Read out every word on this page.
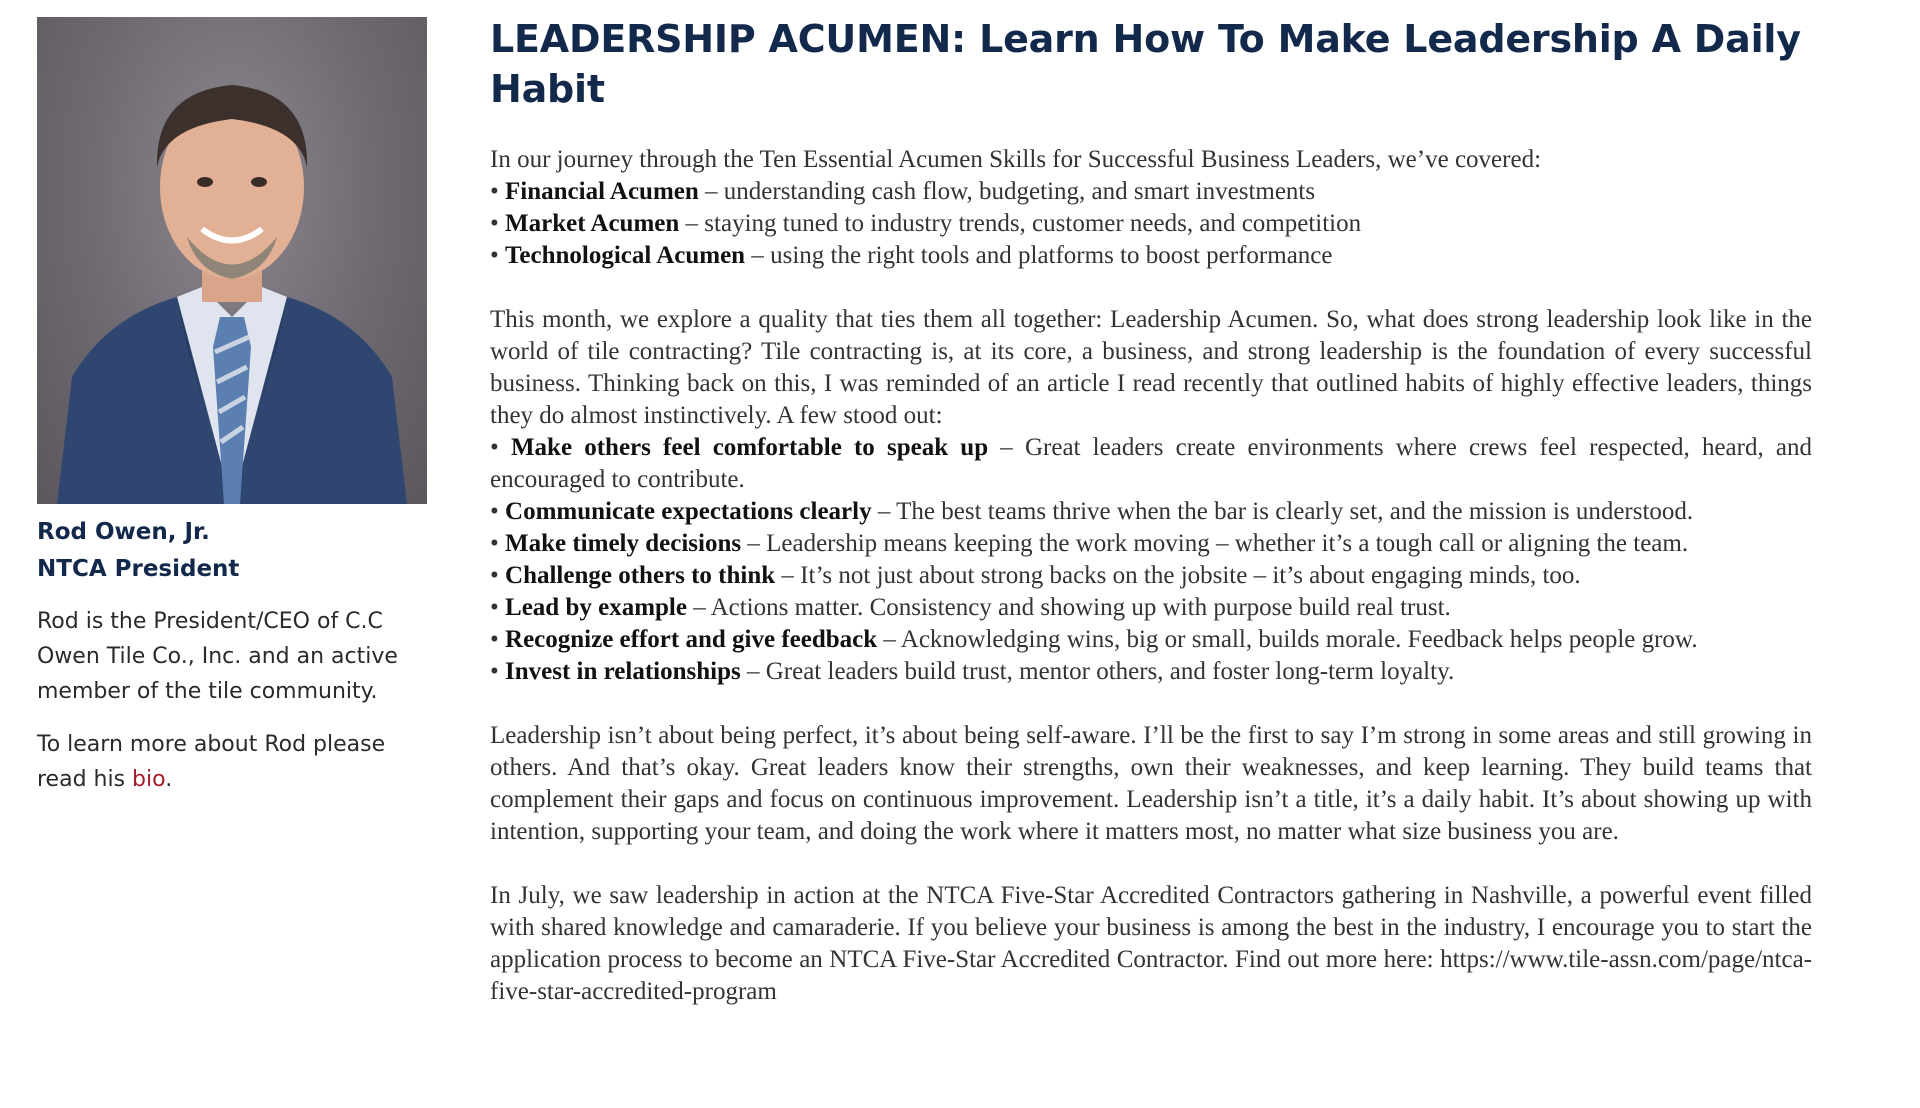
Rod Owen, Jr.
NTCA President

Rod is the President/CEO of C.C Owen Tile Co., Inc. and an active member of the tile community.

To learn more about Rod please read his bio.

LEADERSHIP ACUMEN: Learn How To Make Leadership A Daily Habit

In our journey through the Ten Essential Acumen Skills for Successful Business Leaders, we’ve covered:

• Financial Acumen – understanding cash flow, budgeting, and smart investments
• Market Acumen – staying tuned to industry trends, customer needs, and competition
• Technological Acumen – using the right tools and platforms to boost performance

This month, we explore a quality that ties them all together: Leadership Acumen. So, what does strong leadership look like in the world of tile contracting? Tile contracting is, at its core, a business, and strong leadership is the foundation of every successful business. Thinking back on this, I was reminded of an article I read recently that outlined habits of highly effective leaders, things they do almost instinctively. A few stood out:

• Make others feel comfortable to speak up – Great leaders create environments where crews feel respected, heard, and encouraged to contribute.
• Communicate expectations clearly – The best teams thrive when the bar is clearly set, and the mission is understood.
• Make timely decisions – Leadership means keeping the work moving – whether it’s a tough call or aligning the team.
• Challenge others to think – It’s not just about strong backs on the jobsite – it’s about engaging minds, too.
• Lead by example – Actions matter. Consistency and showing up with purpose build real trust.
• Recognize effort and give feedback – Acknowledging wins, big or small, builds morale. Feedback helps people grow.
• Invest in relationships – Great leaders build trust, mentor others, and foster long-term loyalty.

Leadership isn’t about being perfect, it’s about being self-aware. I’ll be the first to say I’m strong in some areas and still growing in others. And that’s okay. Great leaders know their strengths, own their weaknesses, and keep learning. They build teams that complement their gaps and focus on continuous improvement. Leadership isn’t a title, it’s a daily habit. It’s about showing up with intention, supporting your team, and doing the work where it matters most, no matter what size business you are.

In July, we saw leadership in action at the NTCA Five-Star Accredited Contractors gathering in Nashville, a powerful event filled with shared knowledge and camaraderie. If you believe your business is among the best in the industry, I encourage you to start the application process to become an NTCA Five-Star Accredited Contractor. Find out more here: https://www.tile-assn.com/page/ntca-five-star-accredited-program
